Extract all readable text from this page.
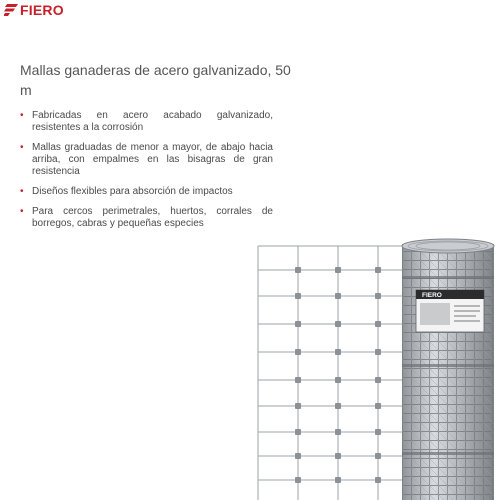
FIERO
Mallas ganaderas de acero galvanizado, 50 m
• Fabricadas en acero acabado galvanizado, resistentes a la corrosión
• Mallas graduadas de menor a mayor, de abajo hacia arriba, con empalmes en las bisagras de gran resistencia
• Diseños flexibles para absorción de impactos
• Para cercos perimetrales, huertos, corrales de borregos, cabras y pequeñas especies
FIERO
